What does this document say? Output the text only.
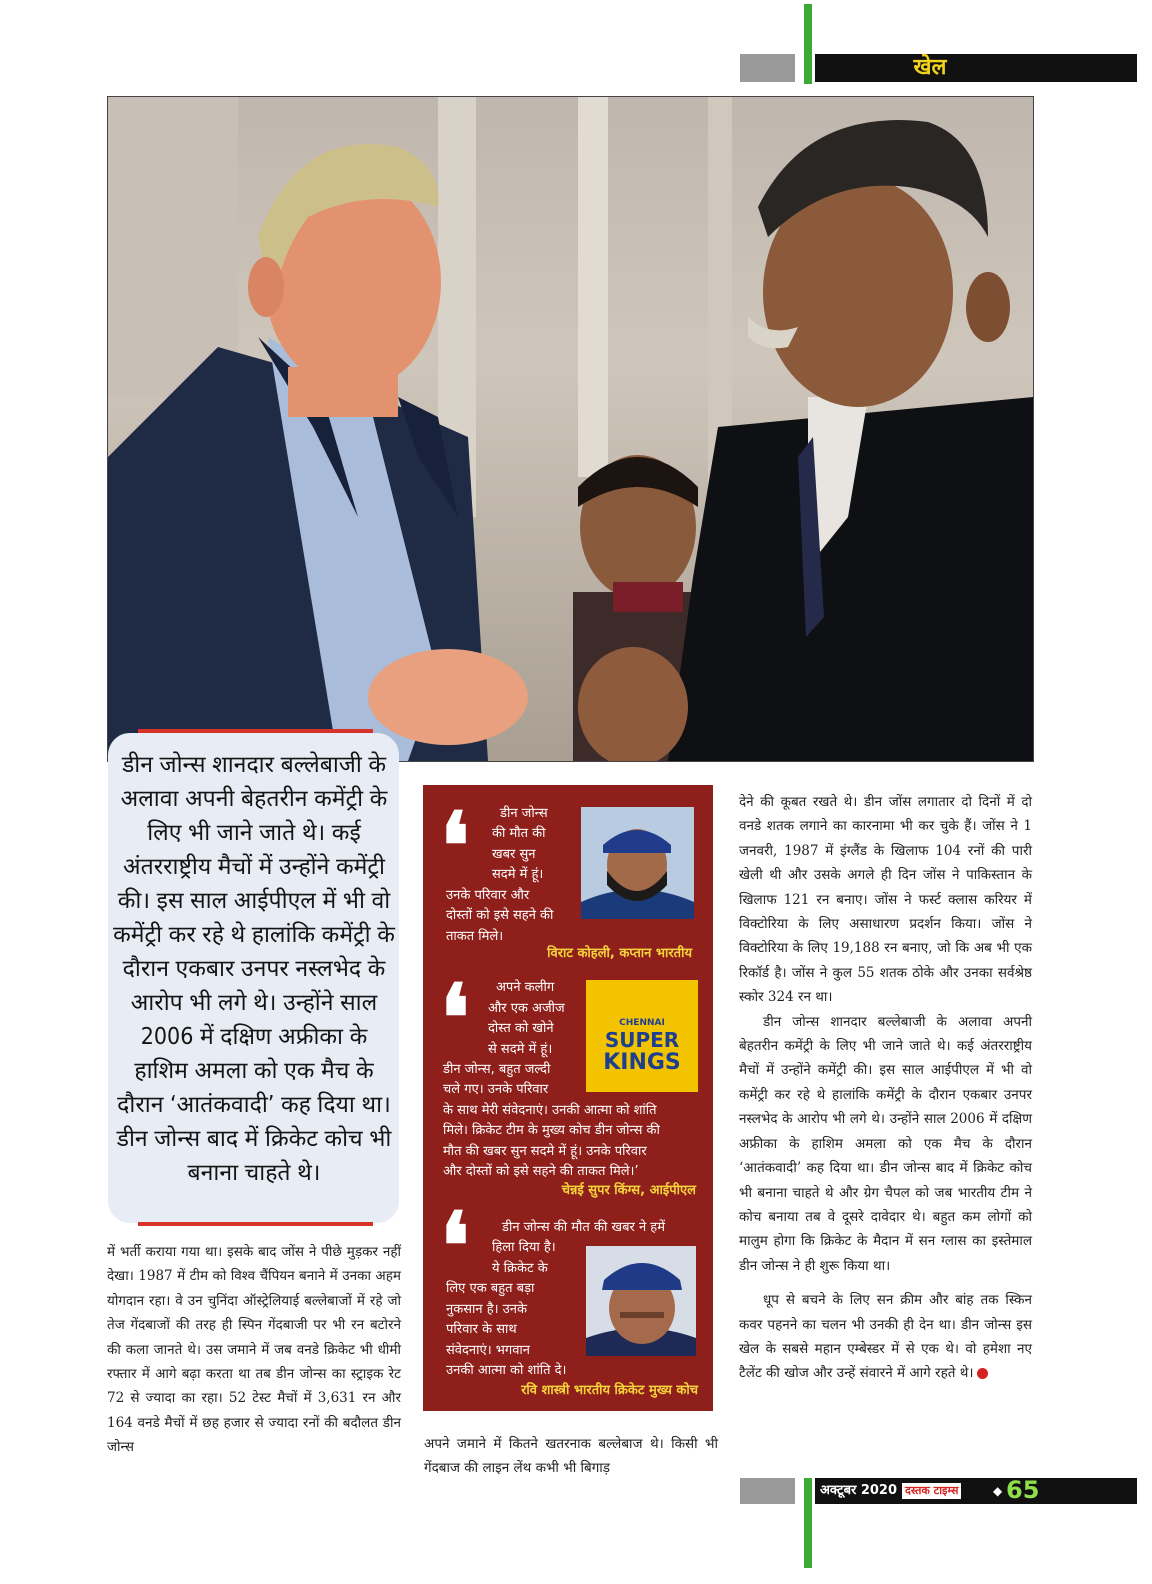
खेल
डीन जोन्स शानदार बल्लेबाजी के अलावा अपनी बेहतरीन कमेंट्री के लिए भी जाने जाते थे। कई अंतरराष्ट्रीय मैचों में उन्होंने कमेंट्री की। इस साल आईपीएल में भी वो कमेंट्री कर रहे थे हालांकि कमेंट्री के दौरान एकबार उनपर नस्लभेद के आरोप भी लगे थे। उन्होंने साल 2006 में दक्षिण अफ्रीका के हाशिम अमला को एक मैच के दौरान ‘आतंकवादी’ कह दिया था। डीन जोन्स बाद में क्रिकेट कोच भी बनाना चाहते थे।

में भर्ती कराया गया था। इसके बाद जोंस ने पीछे मुड़कर नहीं देखा। 1987 में टीम को विश्व चैंपियन बनाने में उनका अहम योगदान रहा। वे उन चुनिंदा ऑस्ट्रेलियाई बल्लेबाजों में रहे जो तेज गेंदबाजों की तरह ही स्पिन गेंदबाजी पर भी रन बटोरने की कला जानते थे। उस जमाने में जब वनडे क्रिकेट भी धीमी रफ्तार में आगे बढ़ा करता था तब डीन जोन्स का स्ट्राइक रेट 72 से ज्यादा का रहा। 52 टेस्ट मैचों में 3,631 रन और 164 वनडे मैचों में छह हजार से ज्यादा रनों की बदौलत डीन जोन्स

❛ डीन जोन्स
की मौत की
खबर सुन
सदमे में हूं।
उनके परिवार और
दोस्तों को इसे सहने की
ताकत मिले।
विराट कोहली, कप्तान भारतीय
❛	CHENNAI
SUPER
KINGS
अपने कलीग
और एक अजीज
दोस्त को खोने
से सदमे में हूं।
डीन जोन्स, बहुत जल्दी
चले गए। उनके परिवार
के साथ मेरी संवेदनाएं। उनकी आत्मा को शांति
मिले। क्रिकेट टीम के मुख्य कोच डीन जोन्स की
मौत की खबर सुन सदमे में हूं। उनके परिवार
और दोस्तों को इसे सहने की ताकत मिले।’
चेन्नई सुपर किंग्स, आईपीएल
❛ डीन जोन्स की मौत की खबर ने हमें
हिला दिया है।
ये क्रिकेट के
लिए एक बहुत बड़ा
नुकसान है। उनके
परिवार के साथ
संवेदनाएं। भगवान
उनकी आत्मा को शांति दे।
रवि शास्त्री भारतीय क्रिकेट मुख्य कोच

अपने जमाने में कितने खतरनाक बल्लेबाज थे। किसी भी गेंदबाज की लाइन लेंथ कभी भी बिगाड़

देने की कूबत रखते थे। डीन जोंस लगातार दो दिनों में दो वनडे शतक लगाने का कारनामा भी कर चुके हैं। जोंस ने 1 जनवरी, 1987 में इंग्लैंड के खिलाफ 104 रनों की पारी खेली थी और उसके अगले ही दिन जोंस ने पाकिस्तान के खिलाफ 121 रन बनाए। जोंस ने फर्स्ट क्लास करियर में विक्टोरिया के लिए असाधारण प्रदर्शन किया। जोंस ने विक्टोरिया के लिए 19,188 रन बनाए, जो कि अब भी एक रिकॉर्ड है। जोंस ने कुल 55 शतक ठोके और उनका सर्वश्रेष्ठ स्कोर 324 रन था।

डीन जोन्स शानदार बल्लेबाजी के अलावा अपनी बेहतरीन कमेंट्री के लिए भी जाने जाते थे। कई अंतरराष्ट्रीय मैचों में उन्होंने कमेंट्री की। इस साल आईपीएल में भी वो कमेंट्री कर रहे थे हालांकि कमेंट्री के दौरान एकबार उनपर नस्लभेद के आरोप भी लगे थे। उन्होंने साल 2006 में दक्षिण अफ्रीका के हाशिम अमला को एक मैच के दौरान ‘आतंकवादी’ कह दिया था। डीन जोन्स बाद में क्रिकेट कोच भी बनाना चाहते थे और ग्रेग चैपल को जब भारतीय टीम ने कोच बनाया तब वे दूसरे दावेदार थे। बहुत कम लोगों को मालुम होगा कि क्रिकेट के मैदान में सन ग्लास का इस्तेमाल डीन जोन्स ने ही शुरू किया था।

धूप से बचने के लिए सन क्रीम और बांह तक स्किन कवर पहनने का चलन भी उनकी ही देन था। डीन जोन्स इस खेल के सबसे महान एम्बेस्डर में से एक थे। वो हमेशा नए टैलेंट की खोज और उन्हें संवारने में आगे रहते थे।

अक्टूबर 2020 दस्तक टाइम्स	◆ 65
